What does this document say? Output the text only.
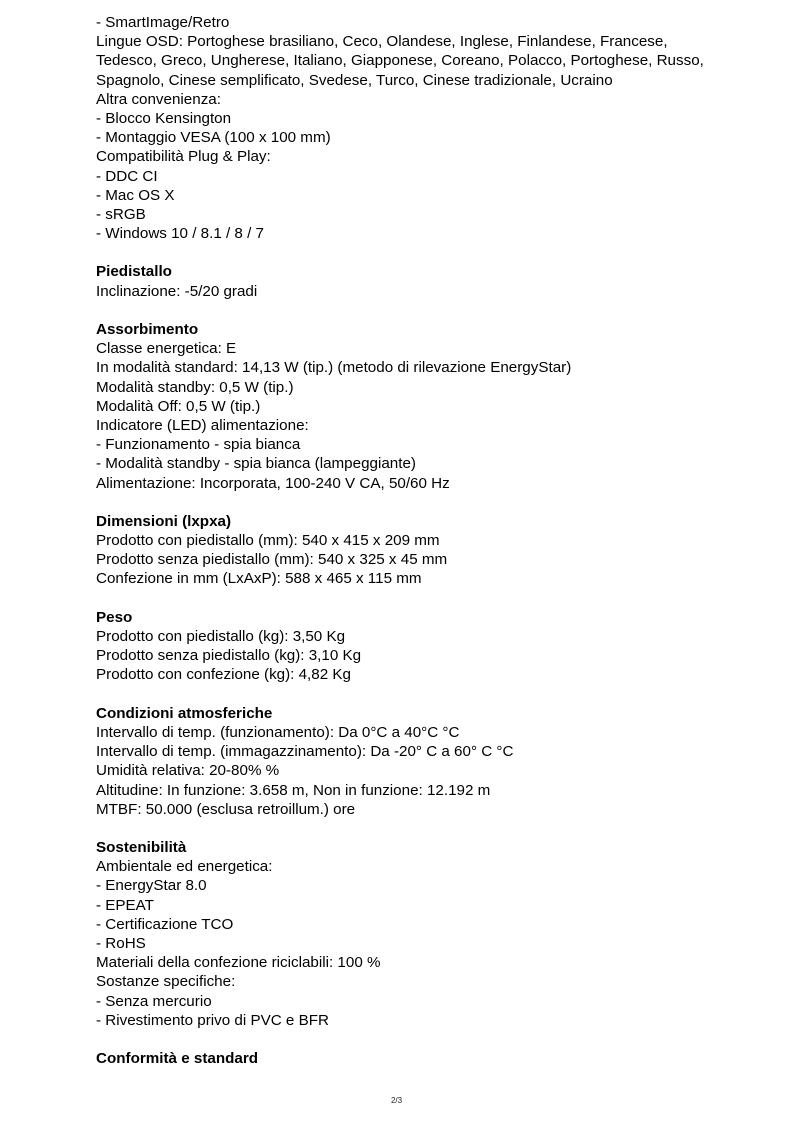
- SmartImage/Retro
Lingue OSD: Portoghese brasiliano, Ceco, Olandese, Inglese, Finlandese, Francese,
Tedesco, Greco, Ungherese, Italiano, Giapponese, Coreano, Polacco, Portoghese, Russo,
Spagnolo, Cinese semplificato, Svedese, Turco, Cinese tradizionale, Ucraino
Altra convenienza:
- Blocco Kensington
- Montaggio VESA (100 x 100 mm)
Compatibilità Plug & Play:
- DDC CI
- Mac OS X
- sRGB
- Windows 10 / 8.1 / 8 / 7
Piedistallo
Inclinazione: -5/20 gradi
Assorbimento
Classe energetica: E
In modalità standard: 14,13 W (tip.) (metodo di rilevazione EnergyStar)
Modalità standby: 0,5 W (tip.)
Modalità Off: 0,5 W (tip.)
Indicatore (LED) alimentazione:
- Funzionamento - spia bianca
- Modalità standby - spia bianca (lampeggiante)
Alimentazione: Incorporata, 100-240 V CA, 50/60 Hz
Dimensioni (lxpxa)
Prodotto con piedistallo (mm): 540 x 415 x 209 mm
Prodotto senza piedistallo (mm): 540 x 325 x 45 mm
Confezione in mm (LxAxP): 588 x 465 x 115 mm
Peso
Prodotto con piedistallo (kg): 3,50 Kg
Prodotto senza piedistallo (kg): 3,10 Kg
Prodotto con confezione (kg): 4,82 Kg
Condizioni atmosferiche
Intervallo di temp. (funzionamento): Da 0°C a 40°C °C
Intervallo di temp. (immagazzinamento): Da -20° C a 60° C °C
Umidità relativa: 20-80% %
Altitudine: In funzione: 3.658 m, Non in funzione: 12.192 m
MTBF: 50.000 (esclusa retroillum.) ore
Sostenibilità
Ambientale ed energetica:
- EnergyStar 8.0
- EPEAT
- Certificazione TCO
- RoHS
Materiali della confezione riciclabili: 100 %
Sostanze specifiche:
- Senza mercurio
- Rivestimento privo di PVC e BFR
Conformità e standard
2/3
